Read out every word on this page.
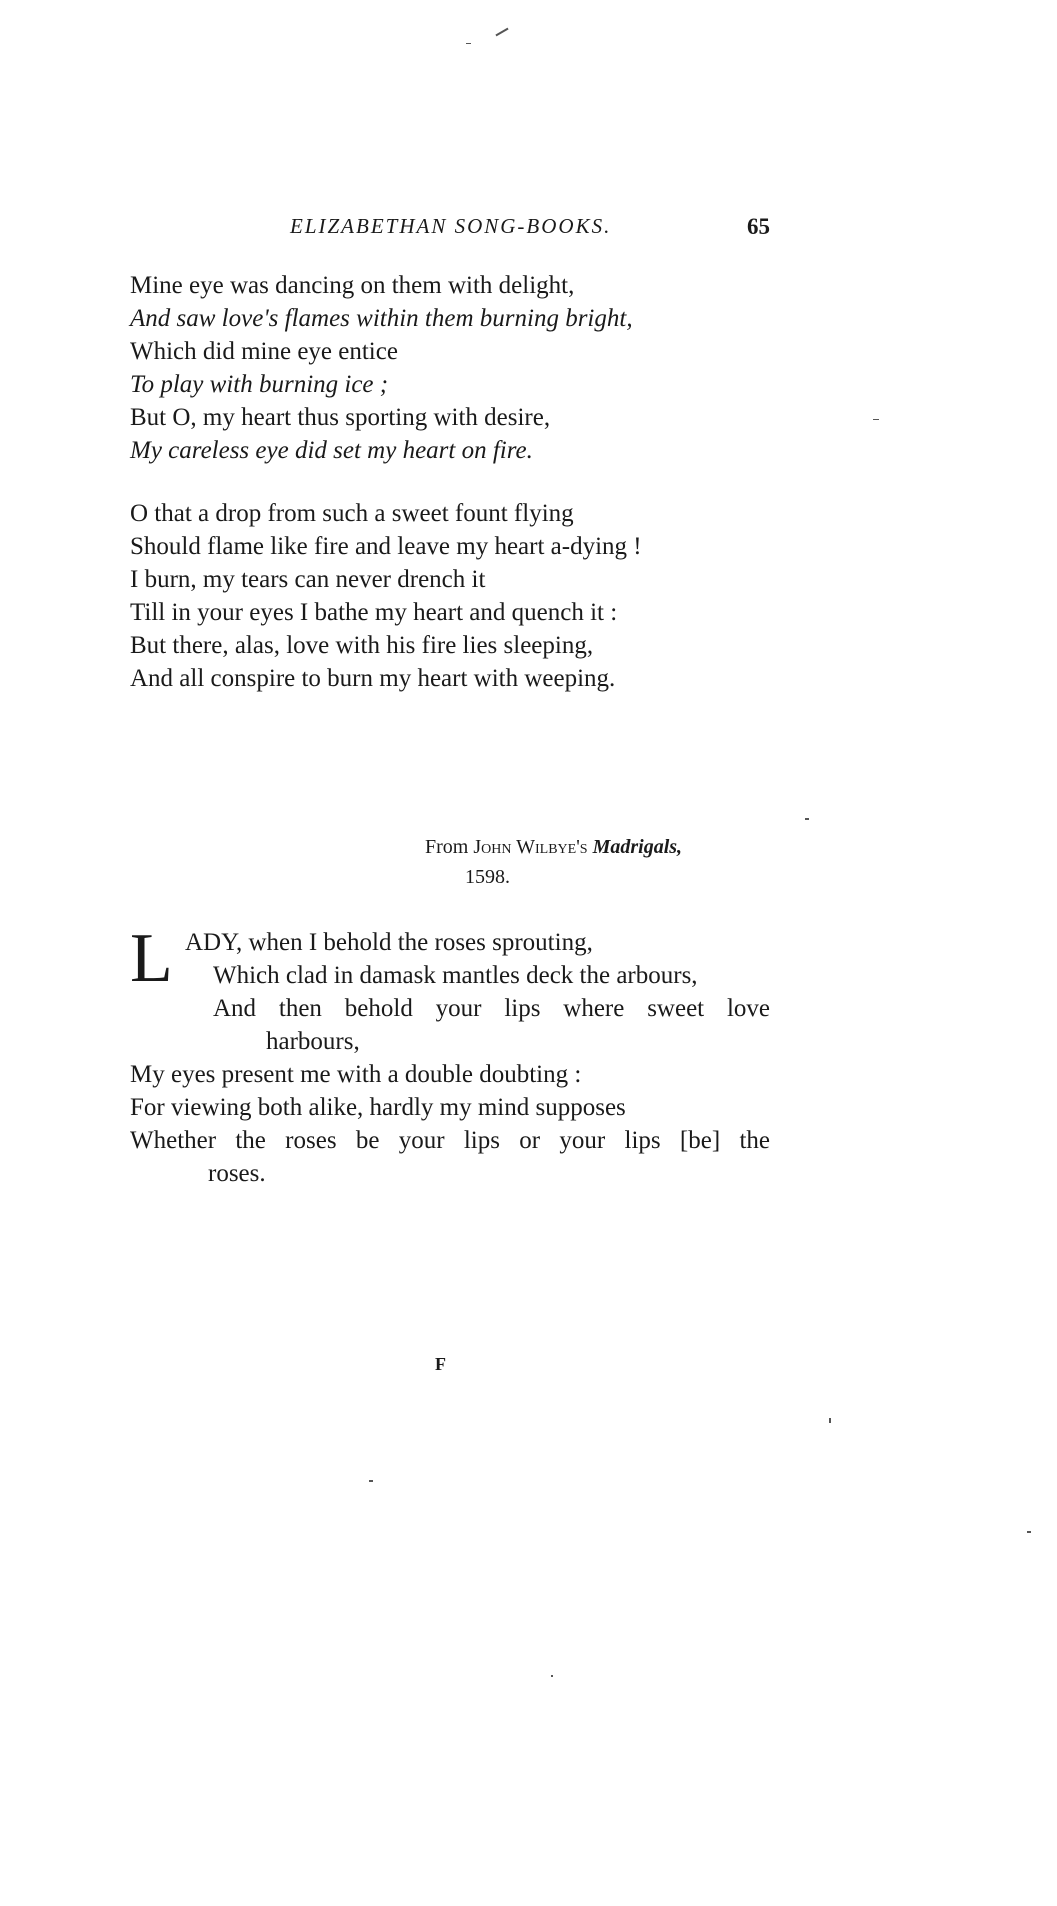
ELIZABETHAN SONG-BOOKS.	65
Mine eye was dancing on them with delight,
And saw love's flames within them burning bright,
Which did mine eye entice
To play with burning ice ;
But O, my heart thus sporting with desire,
My careless eye did set my heart on fire.
O that a drop from such a sweet fount flying
Should flame like fire and leave my heart a-dying !
I burn, my tears can never drench it
Till in your eyes I bathe my heart and quench it :
But there, alas, love with his fire lies sleeping,
And all conspire to burn my heart with weeping.
From John Wilbye's Madrigals,
1598.
L ADY, when I behold the roses sprouting,
Which clad in damask mantles deck the arbours,
And then behold your lips where sweet love
harbours,
My eyes present me with a double doubting :
For viewing both alike, hardly my mind supposes
Whether the roses be your lips or your lips [be] the
roses.
F
